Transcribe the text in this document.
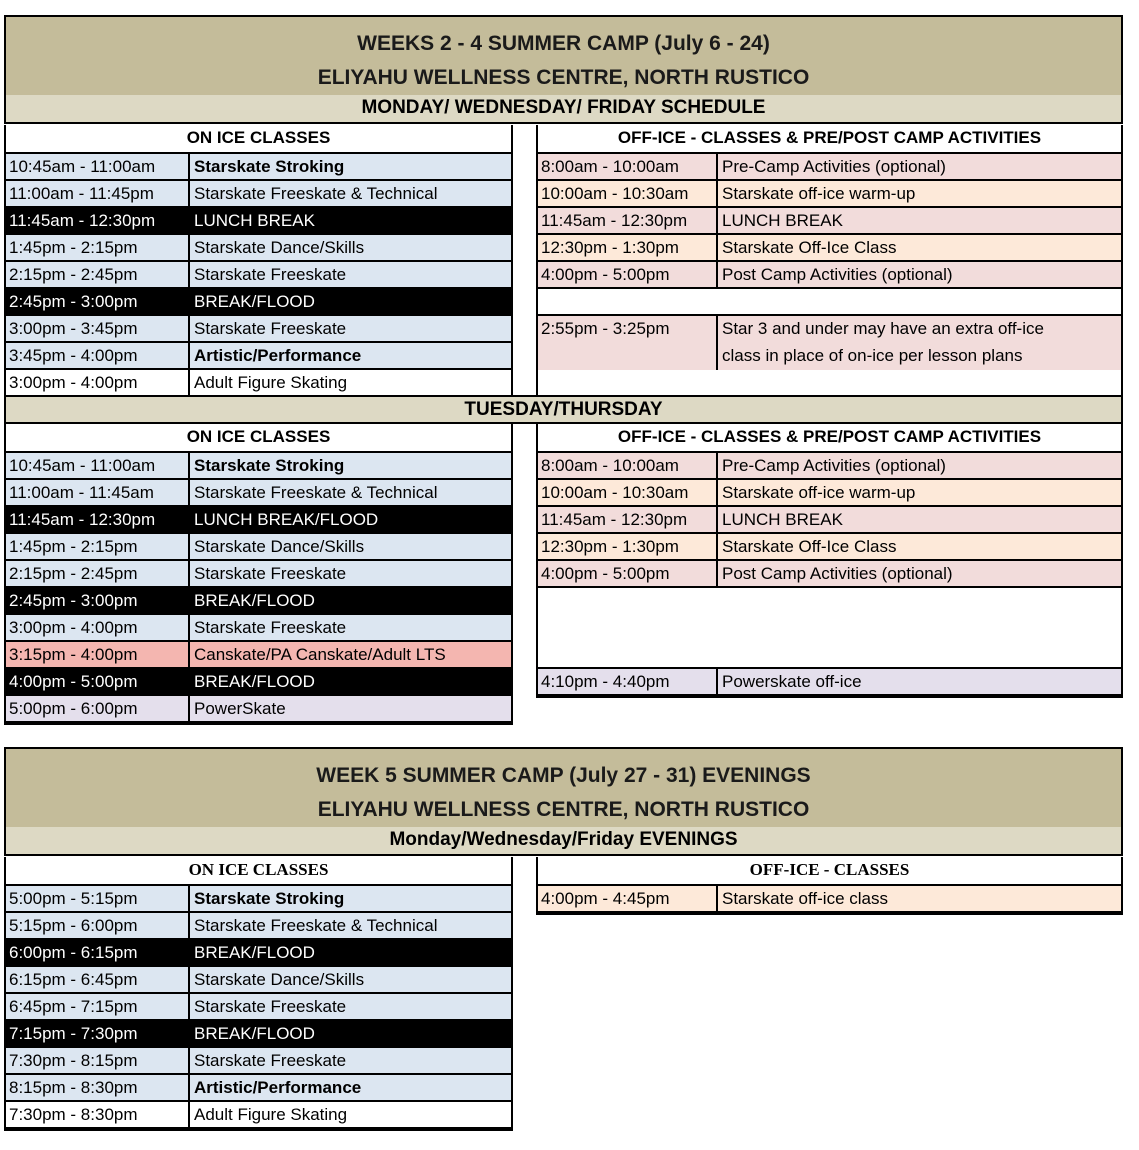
WEEKS 2 - 4 SUMMER CAMP (July 6 - 24)
ELIYAHU WELLNESS CENTRE, NORTH RUSTICO
MONDAY/ WEDNESDAY/ FRIDAY SCHEDULE
ON ICE CLASSES
10:45am - 11:00am	Starskate Stroking
11:00am - 11:45pm	Starskate Freeskate & Technical
11:45am - 12:30pm	LUNCH BREAK
1:45pm - 2:15pm	Starskate Dance/Skills
2:15pm - 2:45pm	Starskate Freeskate
2:45pm - 3:00pm	BREAK/FLOOD
3:00pm - 3:45pm	Starskate Freeskate
3:45pm - 4:00pm	Artistic/Performance
3:00pm - 4:00pm	Adult Figure Skating
OFF-ICE - CLASSES & PRE/POST CAMP ACTIVITIES
8:00am - 10:00am	Pre-Camp Activities (optional)
10:00am - 10:30am	Starskate off-ice warm-up
11:45am - 12:30pm	LUNCH BREAK
12:30pm - 1:30pm	Starskate Off-Ice Class
4:00pm - 5:00pm	Post Camp Activities (optional)
2:55pm - 3:25pm	Star 3 and under may have an extra off-ice
class in place of on-ice per lesson plans
TUESDAY/THURSDAY
ON ICE CLASSES
10:45am - 11:00am	Starskate Stroking
11:00am - 11:45am	Starskate Freeskate & Technical
11:45am - 12:30pm	LUNCH BREAK/FLOOD
1:45pm - 2:15pm	Starskate Dance/Skills
2:15pm - 2:45pm	Starskate Freeskate
2:45pm - 3:00pm	BREAK/FLOOD
3:00pm - 4:00pm	Starskate Freeskate
3:15pm - 4:00pm	Canskate/PA Canskate/Adult LTS
4:00pm - 5:00pm	BREAK/FLOOD
5:00pm - 6:00pm	PowerSkate
OFF-ICE - CLASSES & PRE/POST CAMP ACTIVITIES
8:00am - 10:00am	Pre-Camp Activities (optional)
10:00am - 10:30am	Starskate off-ice warm-up
11:45am - 12:30pm	LUNCH BREAK
12:30pm - 1:30pm	Starskate Off-Ice Class
4:00pm - 5:00pm	Post Camp Activities (optional)
4:10pm - 4:40pm	Powerskate off-ice
WEEK 5 SUMMER CAMP (July 27 - 31) EVENINGS
ELIYAHU WELLNESS CENTRE, NORTH RUSTICO
Monday/Wednesday/Friday EVENINGS
ON ICE CLASSES
5:00pm - 5:15pm	Starskate Stroking
5:15pm - 6:00pm	Starskate Freeskate & Technical
6:00pm - 6:15pm	BREAK/FLOOD
6:15pm - 6:45pm	Starskate Dance/Skills
6:45pm - 7:15pm	Starskate Freeskate
7:15pm - 7:30pm	BREAK/FLOOD
7:30pm - 8:15pm	Starskate Freeskate
8:15pm - 8:30pm	Artistic/Performance
7:30pm - 8:30pm	Adult Figure Skating
OFF-ICE - CLASSES
4:00pm - 4:45pm	Starskate off-ice class
